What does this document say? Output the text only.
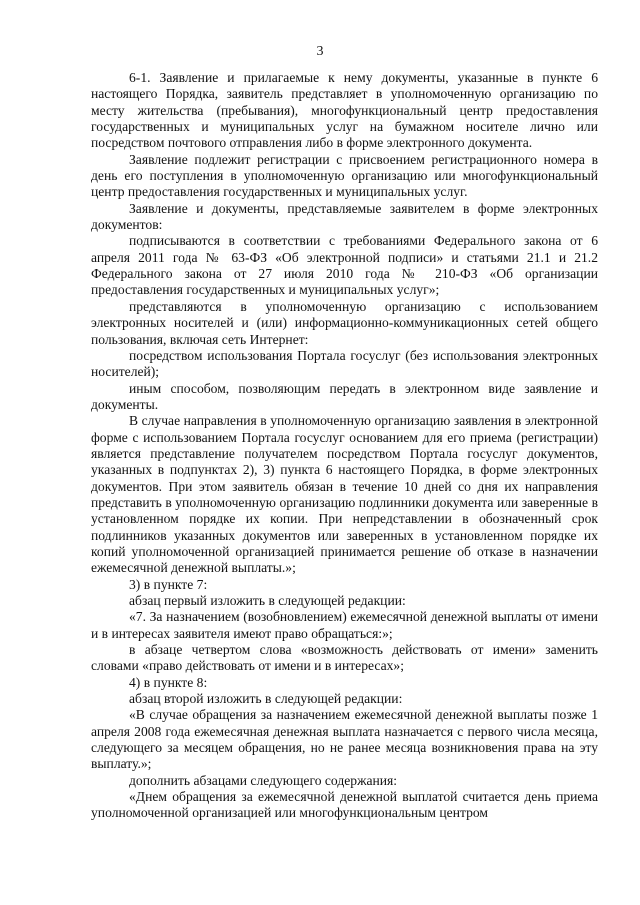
3

6-1. Заявление и прилагаемые к нему документы, указанные в пункте 6 настоящего Порядка, заявитель представляет в уполномоченную организацию по месту жительства (пребывания), многофункциональный центр предоставления государственных и муниципальных услуг на бумажном носителе лично или посредством почтового отправления либо в форме электронного документа.

Заявление подлежит регистрации с присвоением регистрационного номера в день его поступления в уполномоченную организацию или многофункциональный центр предоставления государственных и муниципальных услуг.

Заявление и документы, представляемые заявителем в форме электронных документов:

подписываются в соответствии с требованиями Федерального закона от 6 апреля 2011 года № 63-ФЗ «Об электронной подписи» и статьями 21.1 и 21.2 Федерального закона от 27 июля 2010 года № 210-ФЗ «Об организации предоставления государственных и муниципальных услуг»;

представляются в уполномоченную организацию с использованием электронных носителей и (или) информационно-коммуникационных сетей общего пользования, включая сеть Интернет:

посредством использования Портала госуслуг (без использования электронных носителей);

иным способом, позволяющим передать в электронном виде заявление и документы.

В случае направления в уполномоченную организацию заявления в электронной форме с использованием Портала госуслуг основанием для его приема (регистрации) является представление получателем посредством Портала госуслуг документов, указанных в подпунктах 2), 3) пункта 6 настоящего Порядка, в форме электронных документов. При этом заявитель обязан в течение 10 дней со дня их направления представить в уполномоченную организацию подлинники документа или заверенные в установленном порядке их копии. При непредставлении в обозначенный срок подлинников указанных документов или заверенных в установленном порядке их копий уполномоченной организацией принимается решение об отказе в назначении ежемесячной денежной выплаты.»;

3) в пункте 7:

абзац первый изложить в следующей редакции:

«7. За назначением (возобновлением) ежемесячной денежной выплаты от имени и в интересах заявителя имеют право обращаться:»;

в абзаце четвертом слова «возможность действовать от имени» заменить словами «право действовать от имени и в интересах»;

4) в пункте 8:

абзац второй изложить в следующей редакции:

«В случае обращения за назначением ежемесячной денежной выплаты позже 1 апреля 2008 года ежемесячная денежная выплата назначается с первого числа месяца, следующего за месяцем обращения, но не ранее месяца возникновения права на эту выплату.»;

дополнить абзацами следующего содержания:

«Днем обращения за ежемесячной денежной выплатой считается день приема уполномоченной организацией или многофункциональным центром
